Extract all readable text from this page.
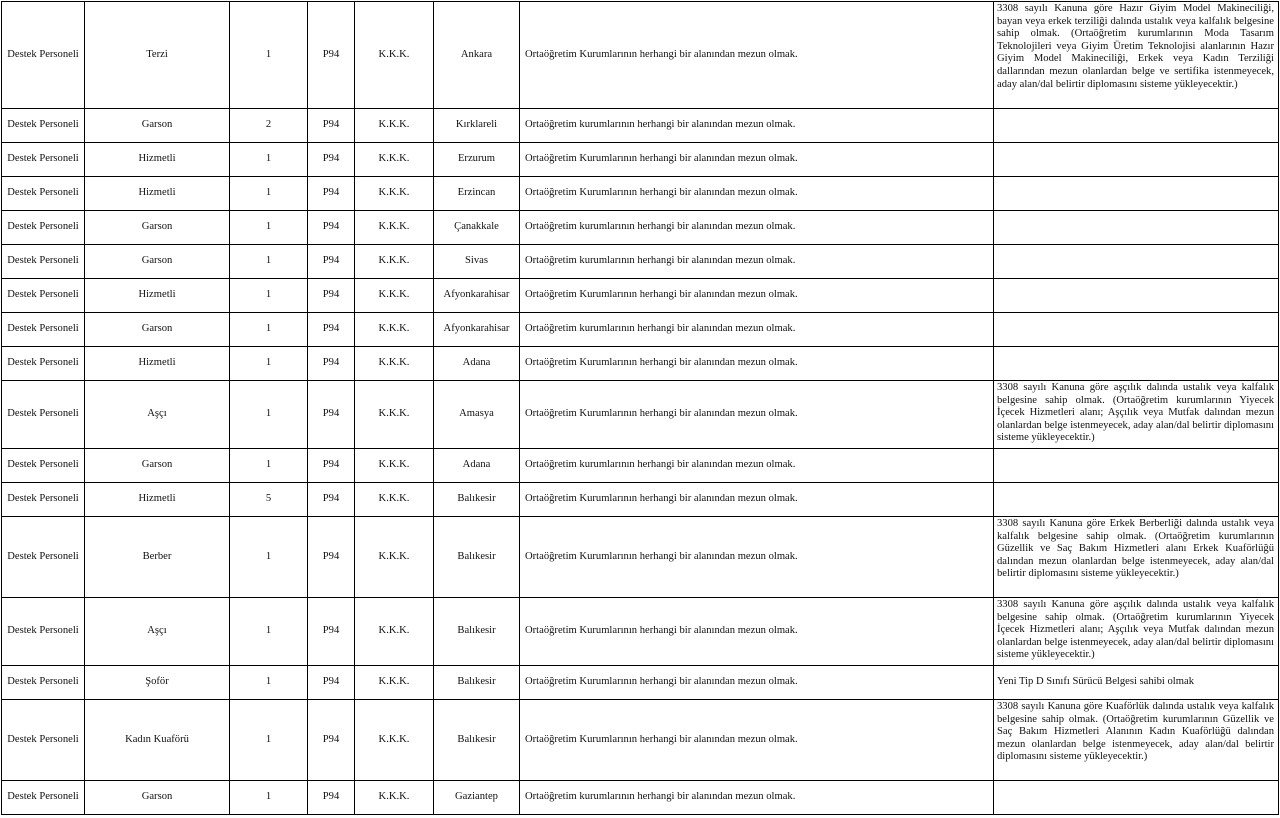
Destek Personeli	Terzi	1	P94	K.K.K.	Ankara	Ortaöğretim Kurumlarının herhangi bir alanından mezun olmak.	3308 sayılı Kanuna göre Hazır Giyim Model Makineciliği, bayan veya erkek terziliği dalında ustalık veya kalfalık belgesine sahip olmak. (Ortaöğretim kurumlarının Moda Tasarım Teknolojileri veya Giyim Üretim Teknolojisi alanlarının Hazır Giyim Model Makineciliği, Erkek veya Kadın Terziliği dallarından mezun olanlardan belge ve sertifika istenmeyecek, aday alan/dal belirtir diplomasını sisteme yükleyecektir.)
Destek Personeli	Garson	2	P94	K.K.K.	Kırklareli	Ortaöğretim kurumlarının herhangi bir alanından mezun olmak.	
Destek Personeli	Hizmetli	1	P94	K.K.K.	Erzurum	Ortaöğretim Kurumlarının herhangi bir alanından mezun olmak.	
Destek Personeli	Hizmetli	1	P94	K.K.K.	Erzincan	Ortaöğretim Kurumlarının herhangi bir alanından mezun olmak.	
Destek Personeli	Garson	1	P94	K.K.K.	Çanakkale	Ortaöğretim kurumlarının herhangi bir alanından mezun olmak.	
Destek Personeli	Garson	1	P94	K.K.K.	Sivas	Ortaöğretim kurumlarının herhangi bir alanından mezun olmak.	
Destek Personeli	Hizmetli	1	P94	K.K.K.	Afyonkarahisar	Ortaöğretim Kurumlarının herhangi bir alanından mezun olmak.	
Destek Personeli	Garson	1	P94	K.K.K.	Afyonkarahisar	Ortaöğretim kurumlarının herhangi bir alanından mezun olmak.	
Destek Personeli	Hizmetli	1	P94	K.K.K.	Adana	Ortaöğretim Kurumlarının herhangi bir alanından mezun olmak.	
Destek Personeli	Aşçı	1	P94	K.K.K.	Amasya	Ortaöğretim Kurumlarının herhangi bir alanından mezun olmak.	3308 sayılı Kanuna göre aşçılık dalında ustalık veya kalfalık belgesine sahip olmak. (Ortaöğretim kurumlarının Yiyecek İçecek Hizmetleri alanı; Aşçılık veya Mutfak dalından mezun olanlardan belge istenmeyecek, aday alan/dal belirtir diplomasını sisteme yükleyecektir.)
Destek Personeli	Garson	1	P94	K.K.K.	Adana	Ortaöğretim kurumlarının herhangi bir alanından mezun olmak.	
Destek Personeli	Hizmetli	5	P94	K.K.K.	Balıkesir	Ortaöğretim Kurumlarının herhangi bir alanından mezun olmak.	
Destek Personeli	Berber	1	P94	K.K.K.	Balıkesir	Ortaöğretim Kurumlarının herhangi bir alanından mezun olmak.	3308 sayılı Kanuna göre Erkek Berberliği dalında ustalık veya kalfalık belgesine sahip olmak. (Ortaöğretim kurumlarının Güzellik ve Saç Bakım Hizmetleri alanı Erkek Kuaförlüğü dalından mezun olanlardan belge istenmeyecek, aday alan/dal belirtir diplomasını sisteme yükleyecektir.)
Destek Personeli	Aşçı	1	P94	K.K.K.	Balıkesir	Ortaöğretim Kurumlarının herhangi bir alanından mezun olmak.	3308 sayılı Kanuna göre aşçılık dalında ustalık veya kalfalık belgesine sahip olmak. (Ortaöğretim kurumlarının Yiyecek İçecek Hizmetleri alanı; Aşçılık veya Mutfak dalından mezun olanlardan belge istenmeyecek, aday alan/dal belirtir diplomasını sisteme yükleyecektir.)
Destek Personeli	Şoför	1	P94	K.K.K.	Balıkesir	Ortaöğretim Kurumlarının herhangi bir alanından mezun olmak.	Yeni Tip D Sınıfı Sürücü Belgesi sahibi olmak
Destek Personeli	Kadın Kuaförü	1	P94	K.K.K.	Balıkesir	Ortaöğretim Kurumlarının herhangi bir alanından mezun olmak.	3308 sayılı Kanuna göre Kuaförlük dalında ustalık veya kalfalık belgesine sahip olmak. (Ortaöğretim kurumlarının Güzellik ve Saç Bakım Hizmetleri Alanının Kadın Kuaförlüğü dalından mezun olanlardan belge istenmeyecek, aday alan/dal belirtir diplomasını sisteme yükleyecektir.)
Destek Personeli	Garson	1	P94	K.K.K.	Gaziantep	Ortaöğretim kurumlarının herhangi bir alanından mezun olmak.	
